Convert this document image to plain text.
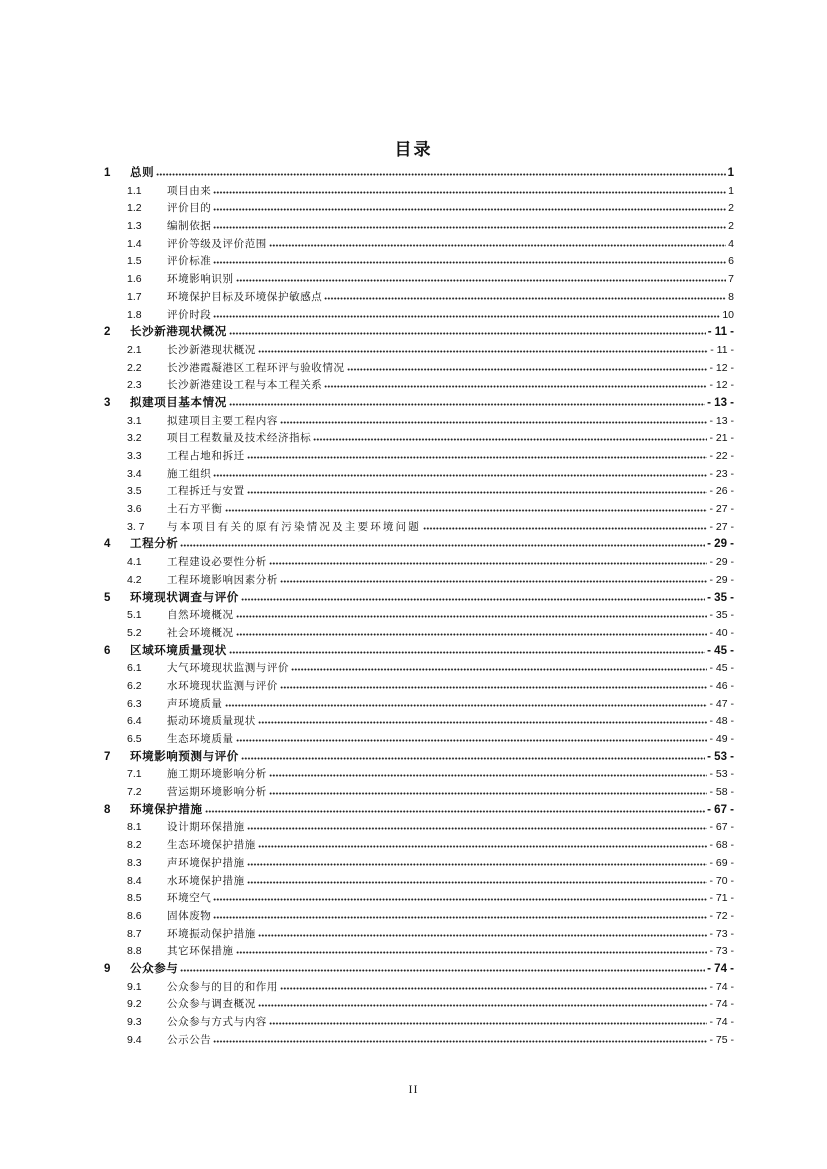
目录
1	总则	1
1.1	项目由来	1
1.2	评价目的	2
1.3	编制依据	2
1.4	评价等级及评价范围	4
1.5	评价标准	6
1.6	环境影响识别	7
1.7	环境保护目标及环境保护敏感点	8
1.8	评价时段	10
2	长沙新港现状概况	- 11 -
2.1	长沙新港现状概况	- 11 -
2.2	长沙港霞凝港区工程环评与验收情况	- 12 -
2.3	长沙新港建设工程与本工程关系	- 12 -
3	拟建项目基本情况	- 13 -
3.1	拟建项目主要工程内容	- 13 -
3.2	项目工程数量及技术经济指标	- 21 -
3.3	工程占地和拆迁	- 22 -
3.4	施工组织	- 23 -
3.5	工程拆迁与安置	- 26 -
3.6	土石方平衡	- 27 -
3. 7	与本项目有关的原有污染情况及主要环境问题	- 27 -
4	工程分析	- 29 -
4.1	工程建设必要性分析	- 29 -
4.2	工程环境影响因素分析	- 29 -
5	环境现状调查与评价	- 35 -
5.1	自然环境概况	- 35 -
5.2	社会环境概况	- 40 -
6	区域环境质量现状	- 45 -
6.1	大气环境现状监测与评价	- 45 -
6.2	水环境现状监测与评价	- 46 -
6.3	声环境质量	- 47 -
6.4	振动环境质量现状	- 48 -
6.5	生态环境质量	- 49 -
7	环境影响预测与评价	- 53 -
7.1	施工期环境影响分析	- 53 -
7.2	营运期环境影响分析	- 58 -
8	环境保护措施	- 67 -
8.1	设计期环保措施	- 67 -
8.2	生态环境保护措施	- 68 -
8.3	声环境保护措施	- 69 -
8.4	水环境保护措施	- 70 -
8.5	环境空气	- 71 -
8.6	固体废物	- 72 -
8.7	环境振动保护措施	- 73 -
8.8	其它环保措施	- 73 -
9	公众参与	- 74 -
9.1	公众参与的目的和作用	- 74 -
9.2	公众参与调查概况	- 74 -
9.3	公众参与方式与内容	- 74 -
9.4	公示公告	- 75 -
II
